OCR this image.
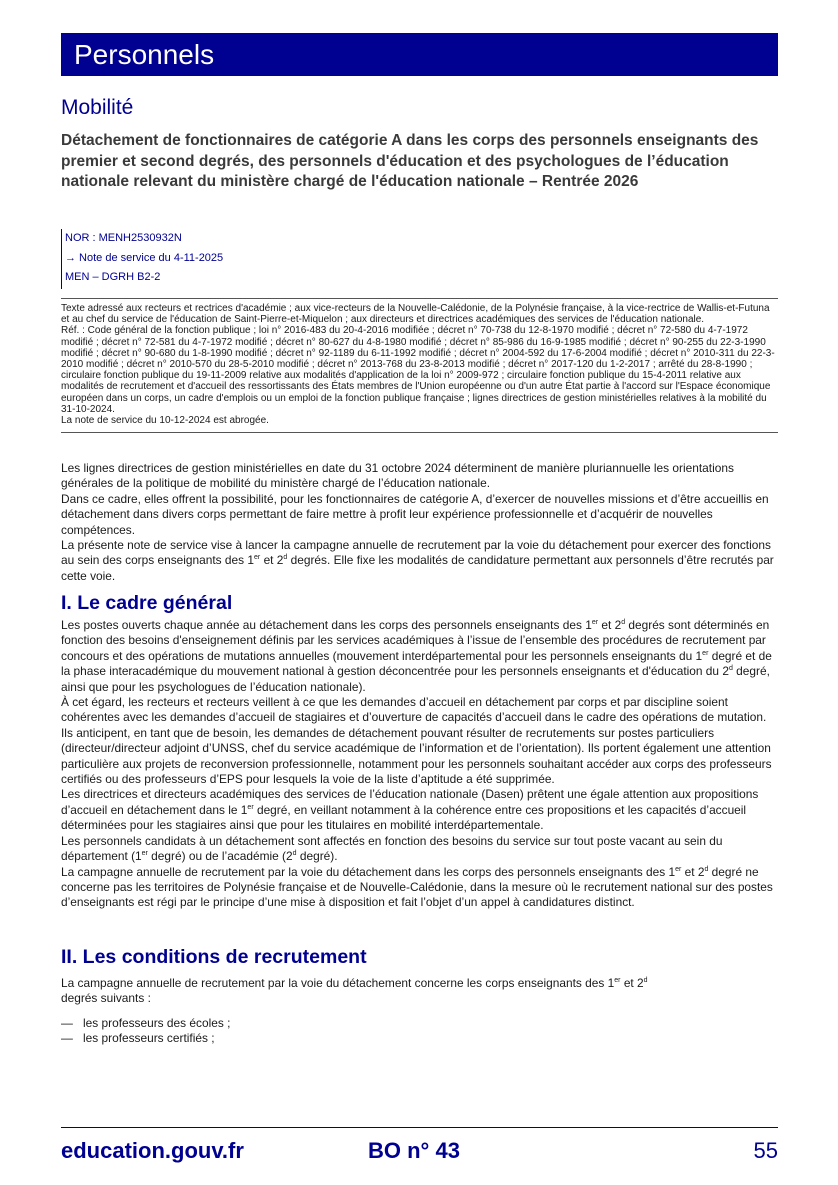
Personnels
Mobilité
Détachement de fonctionnaires de catégorie A dans les corps des personnels enseignants des premier et second degrés, des personnels d'éducation et des psychologues de l’éducation nationale relevant du ministère chargé de l'éducation nationale – Rentrée 2026
NOR : MENH2530932N
→ Note de service du 4-11-2025
MEN – DGRH B2-2

Texte adressé aux recteurs et rectrices d'académie ; aux vice-recteurs de la Nouvelle-Calédonie, de la Polynésie française, à la vice-rectrice de Wallis-et-Futuna et au chef du service de l'éducation de Saint-Pierre-et-Miquelon ; aux directeurs et directrices académiques des services de l'éducation nationale.

Réf. : Code général de la fonction publique ; loi n° 2016-483 du 20-4-2016 modifiée ; décret n° 70-738 du 12-8-1970 modifié ; décret n° 72-580 du 4-7-1972 modifié ; décret n° 72-581 du 4-7-1972 modifié ; décret n° 80-627 du 4-8-1980 modifié ; décret n° 85-986 du 16-9-1985 modifié ; décret n° 90-255 du 22-3-1990 modifié ; décret n° 90-680 du 1-8-1990 modifié ; décret n° 92-1189 du 6-11-1992 modifié ; décret n° 2004-592 du 17-6-2004 modifié ; décret n° 2010-311 du 22-3-2010 modifié ; décret n° 2010-570 du 28-5-2010 modifié ; décret n° 2013-768 du 23-8-2013 modifié ; décret n° 2017-120 du 1-2-2017 ; arrêté du 28-8-1990 ; circulaire fonction publique du 19-11-2009 relative aux modalités d'application de la loi n° 2009-972 ; circulaire fonction publique du 15-4-2011 relative aux modalités de recrutement et d'accueil des ressortissants des États membres de l'Union européenne ou d'un autre État partie à l'accord sur l'Espace économique européen dans un corps, un cadre d'emplois ou un emploi de la fonction publique française ; lignes directrices de gestion ministérielles relatives à la mobilité du 31-10-2024.

La note de service du 10-12-2024 est abrogée.

Les lignes directrices de gestion ministérielles en date du 31 octobre 2024 déterminent de manière pluriannuelle les orientations générales de la politique de mobilité du ministère chargé de l’éducation nationale.

Dans ce cadre, elles offrent la possibilité, pour les fonctionnaires de catégorie A, d’exercer de nouvelles missions et d’être accueillis en détachement dans divers corps permettant de faire mettre à profit leur expérience professionnelle et d’acquérir de nouvelles compétences.

La présente note de service vise à lancer la campagne annuelle de recrutement par la voie du détachement pour exercer des fonctions au sein des corps enseignants des 1er et 2$^d$ degrés. Elle fixe les modalités de candidature permettant aux personnels d’être recrutés par cette voie.

I. Le cadre général

Les postes ouverts chaque année au détachement dans les corps des personnels enseignants des 1er et 2$^d$ degrés sont déterminés en fonction des besoins d'enseignement définis par les services académiques à l’issue de l’ensemble des procédures de recrutement par concours et des opérations de mutations annuelles (mouvement interdépartemental pour les personnels enseignants du 1er degré et de la phase interacadémique du mouvement national à gestion déconcentrée pour les personnels enseignants et d'éducation du 2$^d$ degré, ainsi que pour les psychologues de l’éducation nationale).

À cet égard, les recteurs et recteurs veillent à ce que les demandes d’accueil en détachement par corps et par discipline soient cohérentes avec les demandes d’accueil de stagiaires et d’ouverture de capacités d’accueil dans le cadre des opérations de mutation. Ils anticipent, en tant que de besoin, les demandes de détachement pouvant résulter de recrutements sur postes particuliers (directeur/directeur adjoint d’UNSS, chef du service académique de l’information et de l’orientation). Ils portent également une attention particulière aux projets de reconversion professionnelle, notamment pour les personnels souhaitant accéder aux corps des professeurs certifiés ou des professeurs d’EPS pour lesquels la voie de la liste d’aptitude a été supprimée.

Les directrices et directeurs académiques des services de l’éducation nationale (Dasen) prêtent une égale attention aux propositions d’accueil en détachement dans le 1er degré, en veillant notamment à la cohérence entre ces propositions et les capacités d’accueil déterminées pour les stagiaires ainsi que pour les titulaires en mobilité interdépartementale.

Les personnels candidats à un détachement sont affectés en fonction des besoins du service sur tout poste vacant au sein du département (1er degré) ou de l’académie (2$^d$ degré).

La campagne annuelle de recrutement par la voie du détachement dans les corps des personnels enseignants des 1er et 2$^d$ degré ne concerne pas les territoires de Polynésie française et de Nouvelle-Calédonie, dans la mesure où le recrutement national sur des postes d’enseignants est régi par le principe d’une mise à disposition et fait l’objet d’un appel à candidatures distinct.

II. Les conditions de recrutement

La campagne annuelle de recrutement par la voie du détachement concerne les corps enseignants des 1er et 2$^d$
degrés suivants :

— les professeurs des écoles ;
— les professeurs certifiés ;
education.gouv.fr	BO n° 43	55
